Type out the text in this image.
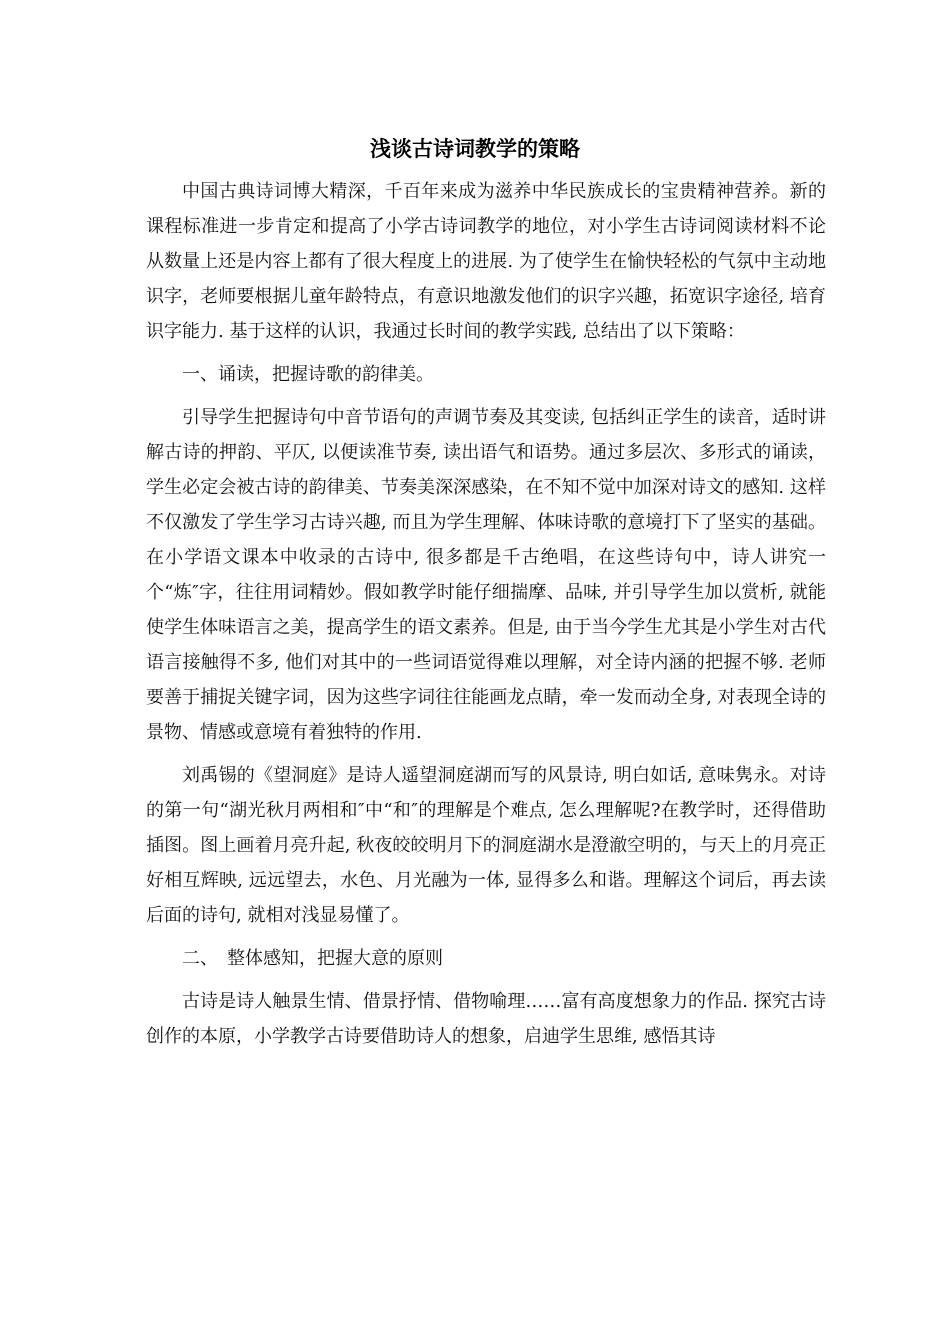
浅谈古诗词教学的策略

中国古典诗词博大精深，千百年来成为滋养中华民族成长的宝贵精神营养。新的课程标准进一步肯定和提高了小学古诗词教学的地位，对小学生古诗词阅读材料不论从数量上还是内容上都有了很大程度上的进展. 为了使学生在愉快轻松的气氛中主动地识字，老师要根据儿童年龄特点，有意识地激发他们的识字兴趣，拓宽识字途径, 培育识字能力. 基于这样的认识，我通过长时间的教学实践, 总结出了以下策略：

一、诵读，把握诗歌的韵律美。

引导学生把握诗句中音节语句的声调节奏及其变读, 包括纠正学生的读音，适时讲解古诗的押韵、平仄, 以便读准节奏, 读出语气和语势。通过多层次、多形式的诵读，学生必定会被古诗的韵律美、节奏美深深感染，在不知不觉中加深对诗文的感知. 这样不仅激发了学生学习古诗兴趣, 而且为学生理解、体味诗歌的意境打下了坚实的基础。在小学语文课本中收录的古诗中, 很多都是千古绝唱，在这些诗句中，诗人讲究一个“炼″字，往往用词精妙。假如教学时能仔细揣摩、品味, 并引导学生加以赏析, 就能使学生体味语言之美，提高学生的语文素养。但是, 由于当今学生尤其是小学生对古代语言接触得不多, 他们对其中的一些词语觉得难以理解，对全诗内涵的把握不够. 老师要善于捕捉关键字词，因为这些字词往往能画龙点睛，牵一发而动全身, 对表现全诗的景物、情感或意境有着独特的作用.

刘禹锡的《望洞庭》是诗人遥望洞庭湖而写的风景诗, 明白如话, 意味隽永。对诗的第一句“湖光秋月两相和″中“和″的理解是个难点, 怎么理解呢?在教学时，还得借助插图。图上画着月亮升起, 秋夜皎皎明月下的洞庭湖水是澄澈空明的，与天上的月亮正好相互辉映, 远远望去，水色、月光融为一体, 显得多么和谐。理解这个词后，再去读后面的诗句, 就相对浅显易懂了。

二、　整体感知，把握大意的原则

古诗是诗人触景生情、借景抒情、借物喻理……富有高度想象力的作品. 探究古诗创作的本原，小学教学古诗要借助诗人的想象，启迪学生思维, 感悟其诗
